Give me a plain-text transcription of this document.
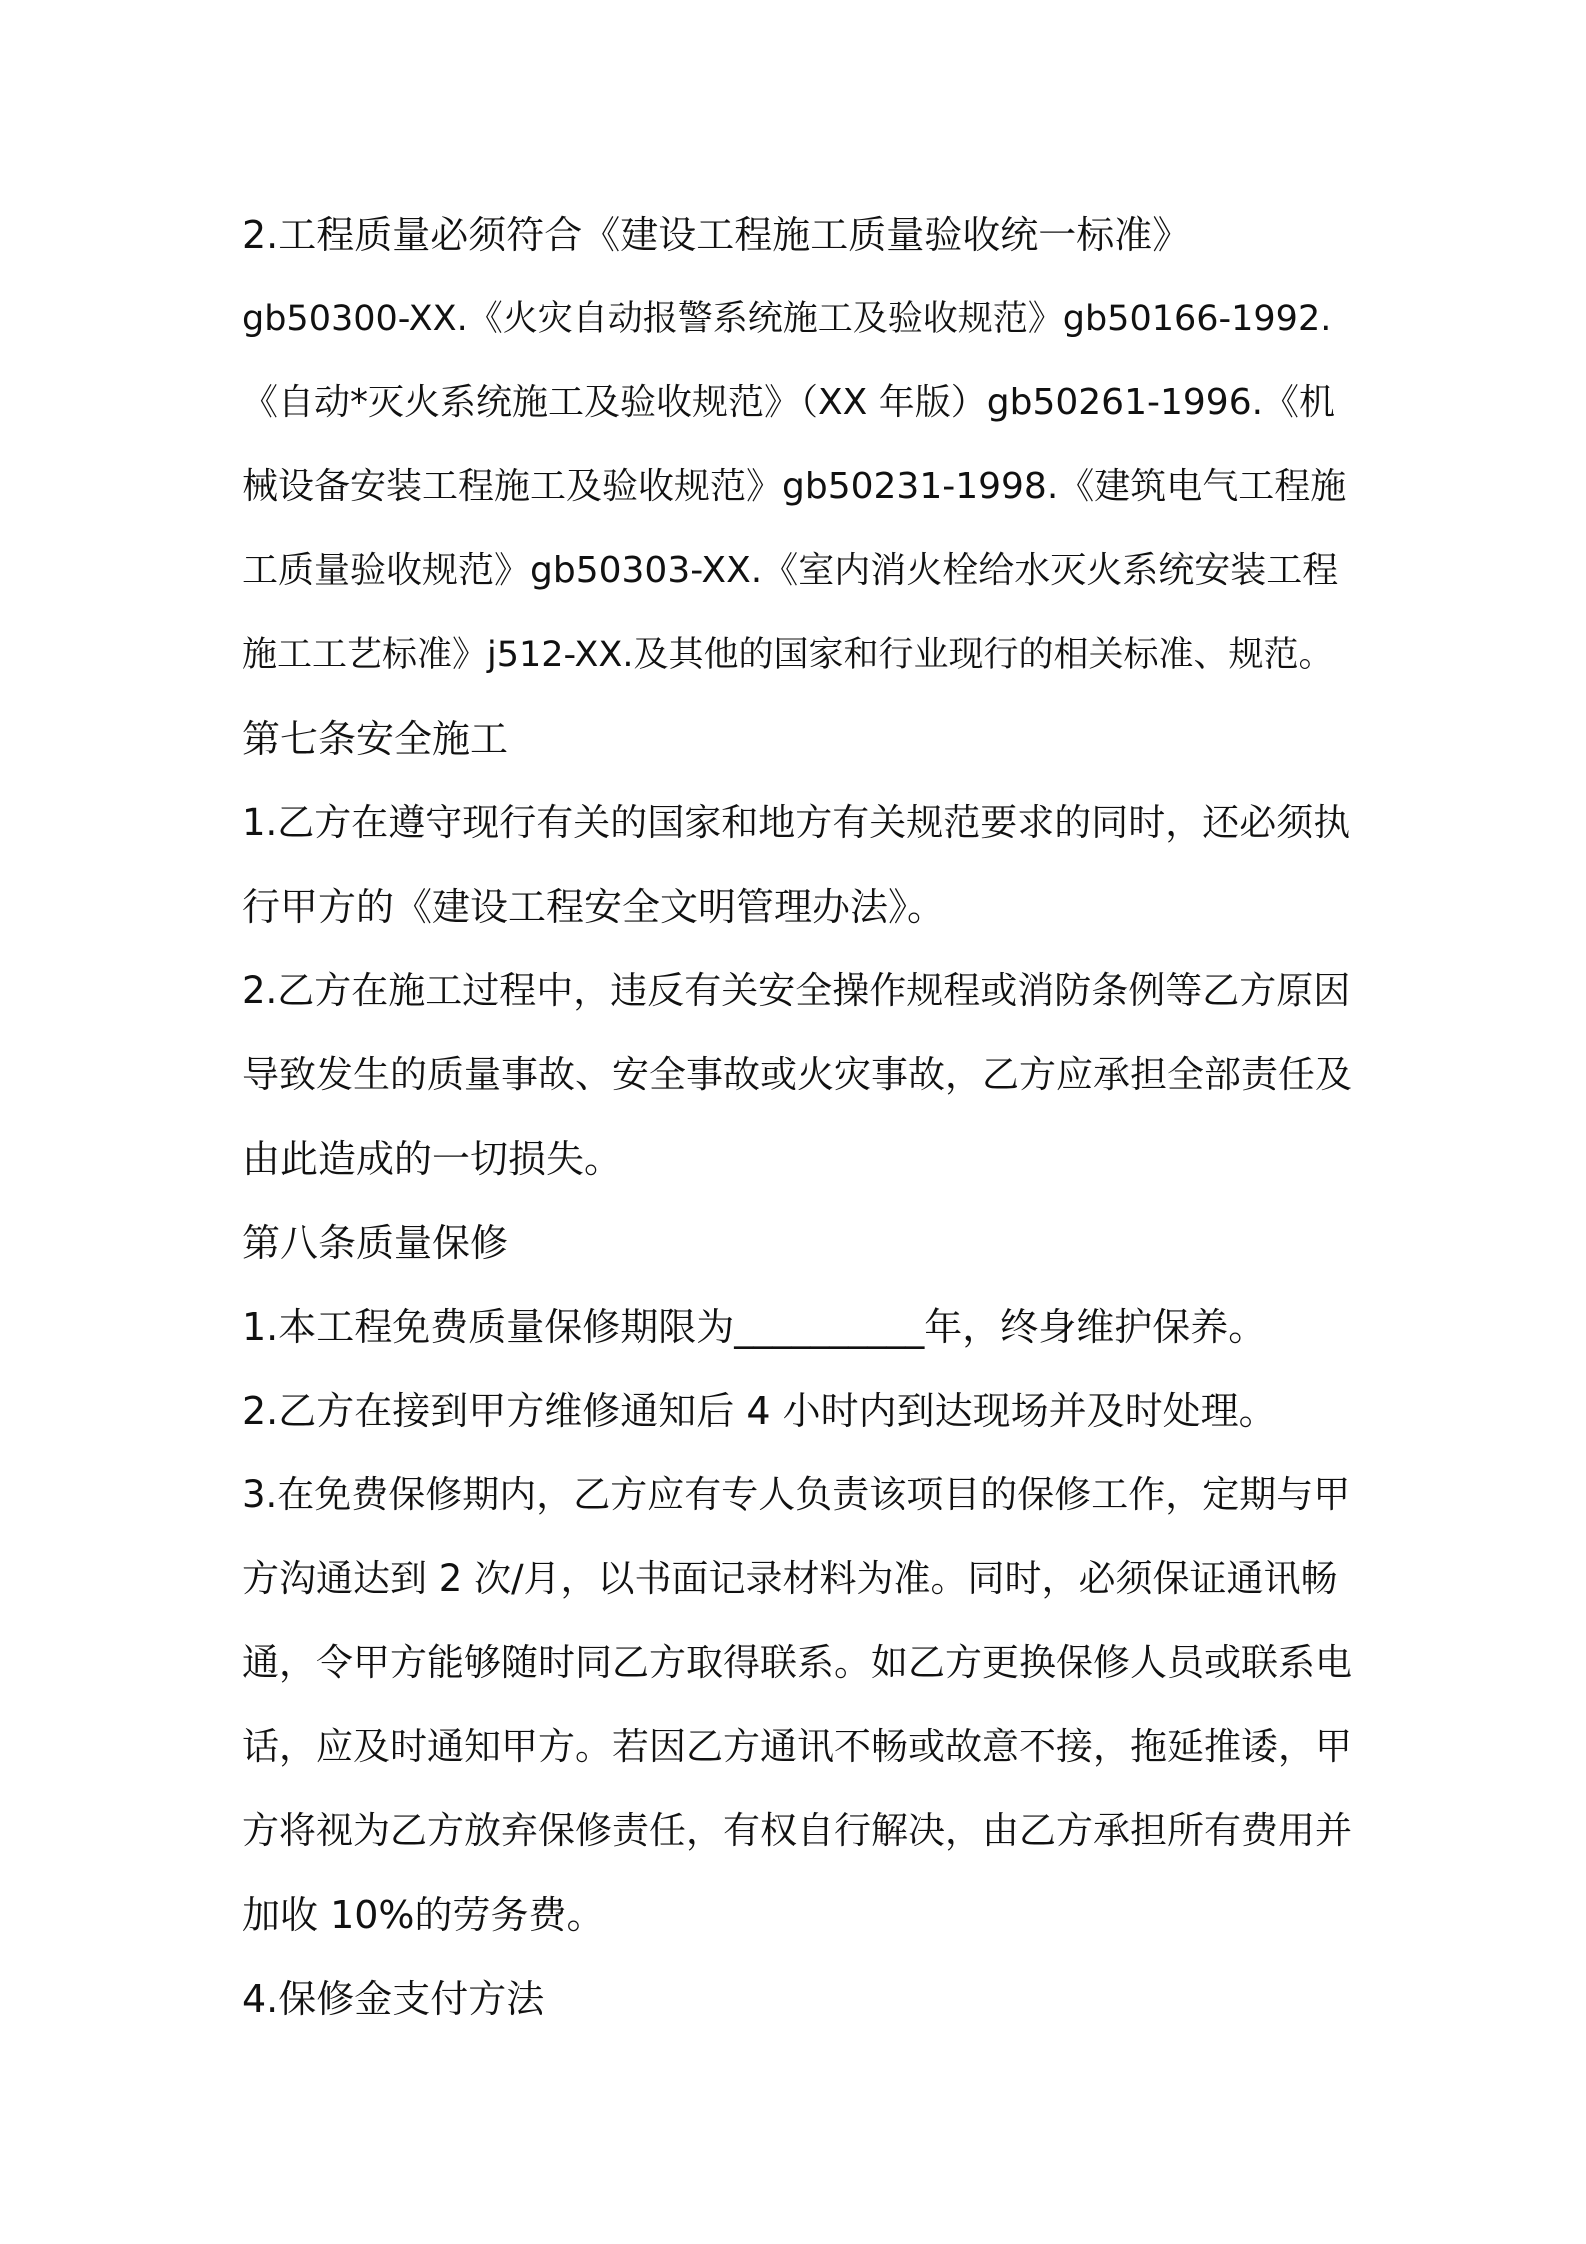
2.工程质量必须符合《建设工程施工质量验收统一标准》
gb50300-XX.《火灾自动报警系统施工及验收规范》gb50166-1992.
《自动*灭火系统施工及验收规范》（XX 年版）gb50261-1996.《机
械设备安装工程施工及验收规范》gb50231-1998.《建筑电气工程施
工质量验收规范》gb50303-XX.《室内消火栓给水灭火系统安装工程
施工工艺标准》j512-XX.及其他的国家和行业现行的相关标准、规范。
第七条安全施工
1.乙方在遵守现行有关的国家和地方有关规范要求的同时，还必须执
行甲方的《建设工程安全文明管理办法》。
2.乙方在施工过程中，违反有关安全操作规程或消防条例等乙方原因
导致发生的质量事故、安全事故或火灾事故，乙方应承担全部责任及
由此造成的一切损失。
第八条质量保修
1.本工程免费质量保修期限为__________年，终身维护保养。
2.乙方在接到甲方维修通知后 4 小时内到达现场并及时处理。
3.在免费保修期内，乙方应有专人负责该项目的保修工作，定期与甲
方沟通达到 2 次/月，以书面记录材料为准。同时，必须保证通讯畅
通，令甲方能够随时同乙方取得联系。如乙方更换保修人员或联系电
话，应及时通知甲方。若因乙方通讯不畅或故意不接，拖延推诿，甲
方将视为乙方放弃保修责任，有权自行解决，由乙方承担所有费用并
加收 10%的劳务费。
4.保修金支付方法
